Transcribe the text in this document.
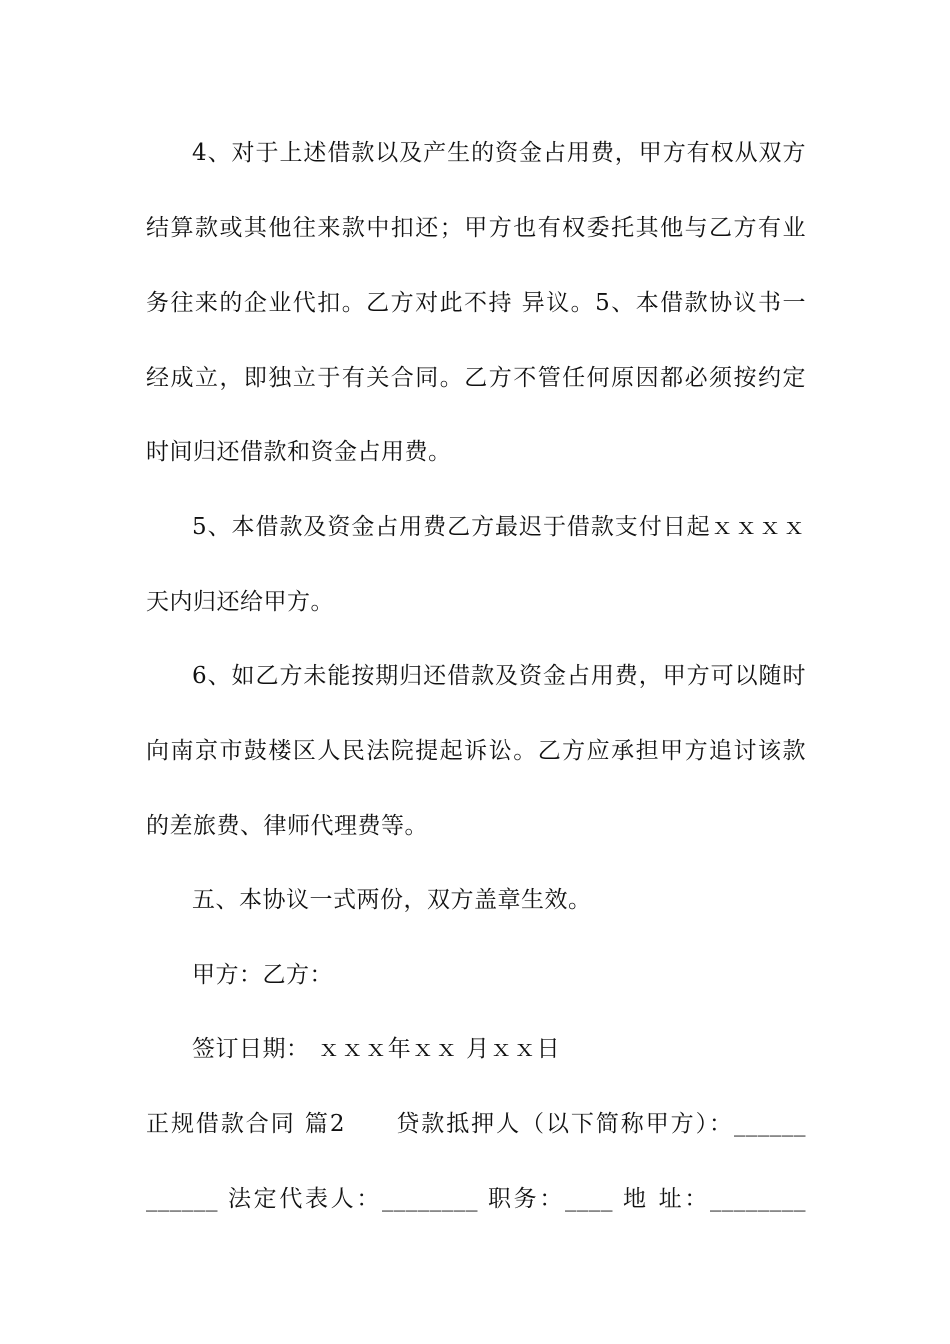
4、对于上述借款以及产生的资金占用费，甲方有权从双方
结算款或其他往来款中扣还；甲方也有权委托其他与乙方有业
务往来的企业代扣。乙方对此不持 异议。5、本借款协议书一
经成立，即独立于有关合同。乙方不管任何原因都必须按约定
时间归还借款和资金占用费。
5、本借款及资金占用费乙方最迟于借款支付日起ｘｘｘｘ
天内归还给甲方。
6、如乙方未能按期归还借款及资金占用费，甲方可以随时
向南京市鼓楼区人民法院提起诉讼。乙方应承担甲方追讨该款
的差旅费、律师代理费等。
五、本协议一式两份，双方盖章生效。
甲方：乙方：
签订日期： ｘｘｘ年ｘｘ 月ｘｘ日
正规借款合同 篇2　　贷款抵押人（以下简称甲方）：______
______ 法定代表人：________ 职务：____ 地 址：________
